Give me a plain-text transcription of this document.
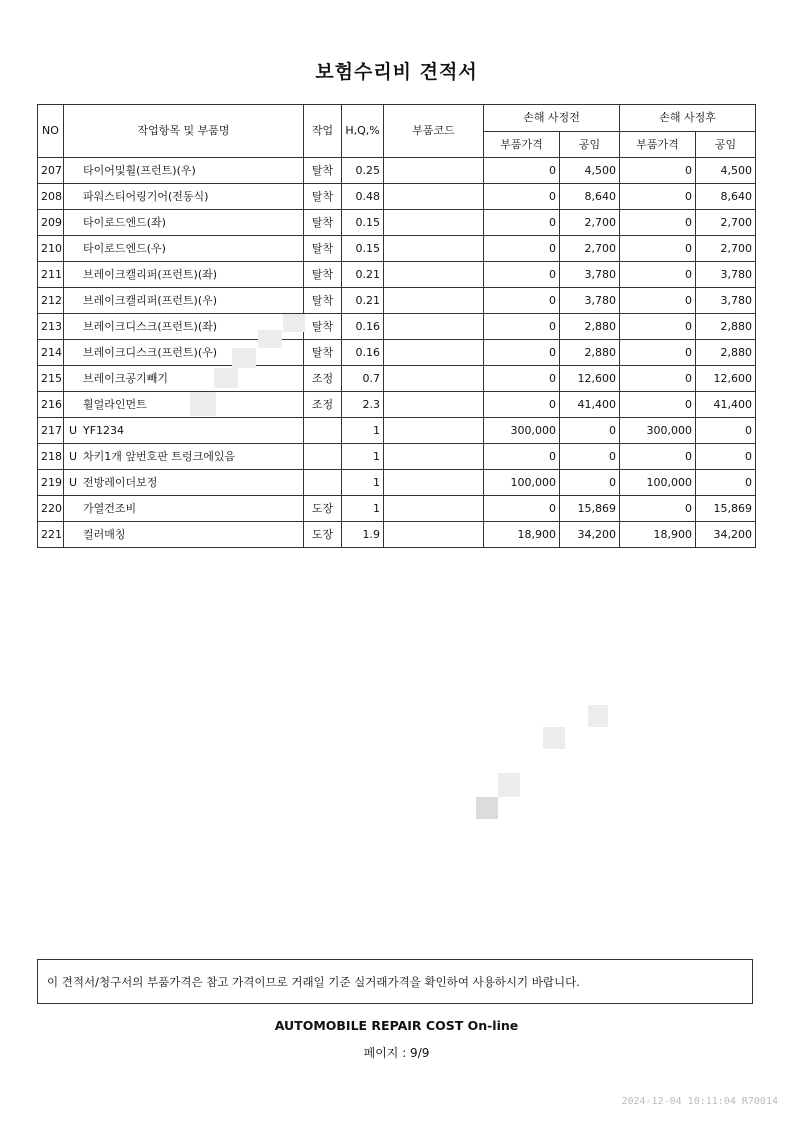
보험수리비 견적서
NO	작업항목 및 부품명	작업	H,Q,%	부품코드	손해 사정전		손해 사정후	
					부품가격	공임	부품가격	공임
207	타이어및휠(프런트)(우)	탈착	0.25		0	4,500	0	4,500
208	파워스티어링기어(전동식)	탈착	0.48		0	8,640	0	8,640
209	타이로드엔드(좌)	탈착	0.15		0	2,700	0	2,700
210	타이로드엔드(우)	탈착	0.15		0	2,700	0	2,700
211	브레이크캘리퍼(프런트)(좌)	탈착	0.21		0	3,780	0	3,780
212	브레이크캘리퍼(프런트)(우)	탈착	0.21		0	3,780	0	3,780
213	브레이크디스크(프런트)(좌)	탈착	0.16		0	2,880	0	2,880
214	브레이크디스크(프런트)(우)	탈착	0.16		0	2,880	0	2,880
215	브레이크공기빼기	조정	0.7		0	12,600	0	12,600
216	휠얼라인먼트	조정	2.3		0	41,400	0	41,400
217	U YF1234		1		300,000	0	300,000	0
218	U 차키1개 앞번호판 트렁크에있음		1		0	0	0	0
219	U 전방레이더보정		1		100,000	0	100,000	0
220	가열건조비	도장	1		0	15,869	0	15,869
221	컬러매칭	도장	1.9		18,900	34,200	18,900	34,200
이 견적서/청구서의 부품가격은 참고 가격이므로 거래일 기준 실거래가격을 확인하여 사용하시기 바랍니다.
AUTOMOBILE REPAIR COST On-line
페이지 : 9/9
2024-12-04 10:11:04 R70014
